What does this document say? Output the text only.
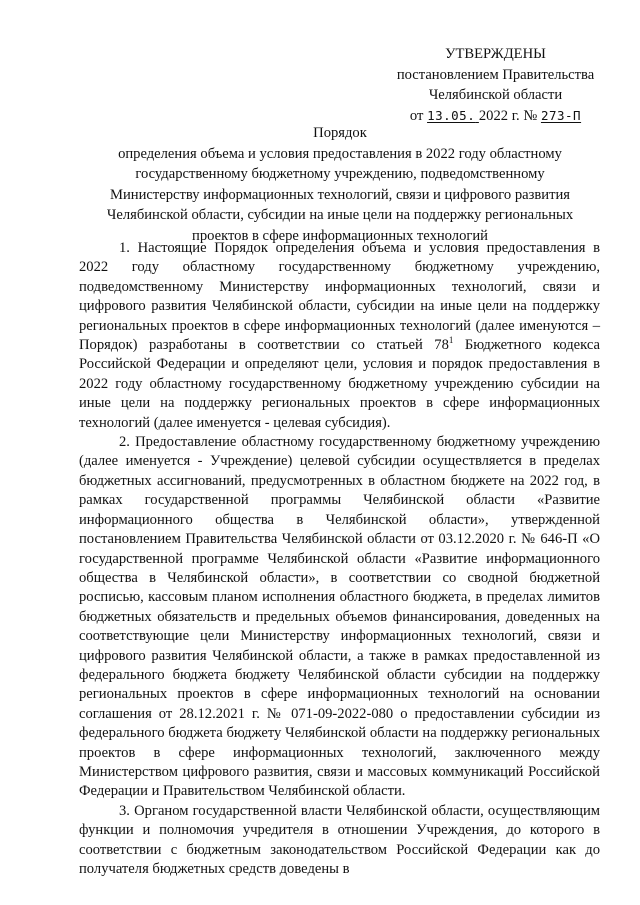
УТВЕРЖДЕНЫ
постановлением Правительства
Челябинской области
от 13.05. 2022 г. № 273-П
Порядок
определения объема и условия предоставления в 2022 году областному
государственному бюджетному учреждению, подведомственному
Министерству информационных технологий, связи и цифрового развития
Челябинской области, субсидии на иные цели на поддержку региональных
проектов в сфере информационных технологий

1. Настоящие Порядок определения объема и условия предоставления в 2022 году областному государственному бюджетному учреждению, подведомственному Министерству информационных технологий, связи и цифрового развития Челябинской области, субсидии на иные цели на поддержку региональных проектов в сфере информационных технологий (далее именуются – Порядок) разработаны в соответствии со статьей $78^1$ Бюджетного кодекса Российской Федерации и определяют цели, условия и порядок предоставления в 2022 году областному государственному бюджетному учреждению субсидии на иные цели на поддержку региональных проектов в сфере информационных технологий (далее именуется - целевая субсидия).

2. Предоставление областному государственному бюджетному учреждению (далее именуется - Учреждение) целевой субсидии осуществляется в пределах бюджетных ассигнований, предусмотренных в областном бюджете на 2022 год, в рамках государственной программы Челябинской области «Развитие информационного общества в Челябинской области», утвержденной постановлением Правительства Челябинской области от 03.12.2020 г. № 646-П «О государственной программе Челябинской области «Развитие информационного общества в Челябинской области», в соответствии со сводной бюджетной росписью, кассовым планом исполнения областного бюджета, в пределах лимитов бюджетных обязательств и предельных объемов финансирования, доведенных на соответствующие цели Министерству информационных технологий, связи и цифрового развития Челябинской области, а также в рамках предоставленной из федерального бюджета бюджету Челябинской области субсидии на поддержку региональных проектов в сфере информационных технологий на основании соглашения от 28.12.2021 г. № 071-09-2022-080 о предоставлении субсидии из федерального бюджета бюджету Челябинской области на поддержку региональных проектов в сфере информационных технологий, заключенного между Министерством цифрового развития, связи и массовых коммуникаций Российской Федерации и Правительством Челябинской области.

3. Органом государственной власти Челябинской области, осуществляющим функции и полномочия учредителя в отношении Учреждения, до которого в соответствии с бюджетным законодательством Российской Федерации как до получателя бюджетных средств доведены в
